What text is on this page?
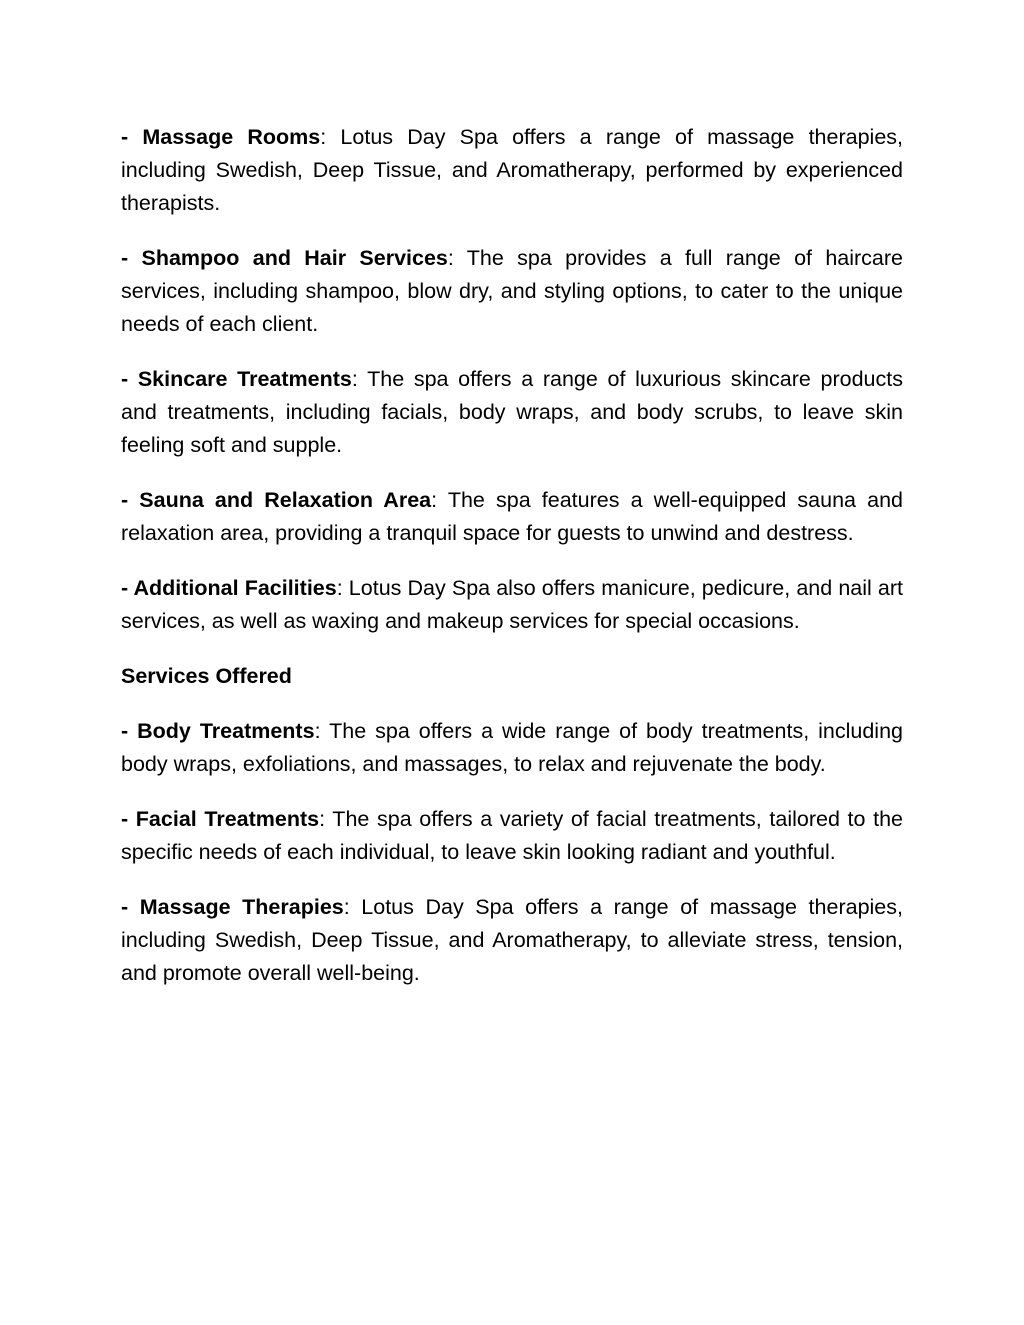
- Massage Rooms: Lotus Day Spa offers a range of massage therapies, including Swedish, Deep Tissue, and Aromatherapy, performed by experienced therapists.

- Shampoo and Hair Services: The spa provides a full range of haircare services, including shampoo, blow dry, and styling options, to cater to the unique needs of each client.

- Skincare Treatments: The spa offers a range of luxurious skincare products and treatments, including facials, body wraps, and body scrubs, to leave skin feeling soft and supple.

- Sauna and Relaxation Area: The spa features a well-equipped sauna and relaxation area, providing a tranquil space for guests to unwind and destress.

- Additional Facilities: Lotus Day Spa also offers manicure, pedicure, and nail art services, as well as waxing and makeup services for special occasions.

Services Offered

- Body Treatments: The spa offers a wide range of body treatments, including body wraps, exfoliations, and massages, to relax and rejuvenate the body.

- Facial Treatments: The spa offers a variety of facial treatments, tailored to the specific needs of each individual, to leave skin looking radiant and youthful.

- Massage Therapies: Lotus Day Spa offers a range of massage therapies, including Swedish, Deep Tissue, and Aromatherapy, to alleviate stress, tension, and promote overall well-being.
